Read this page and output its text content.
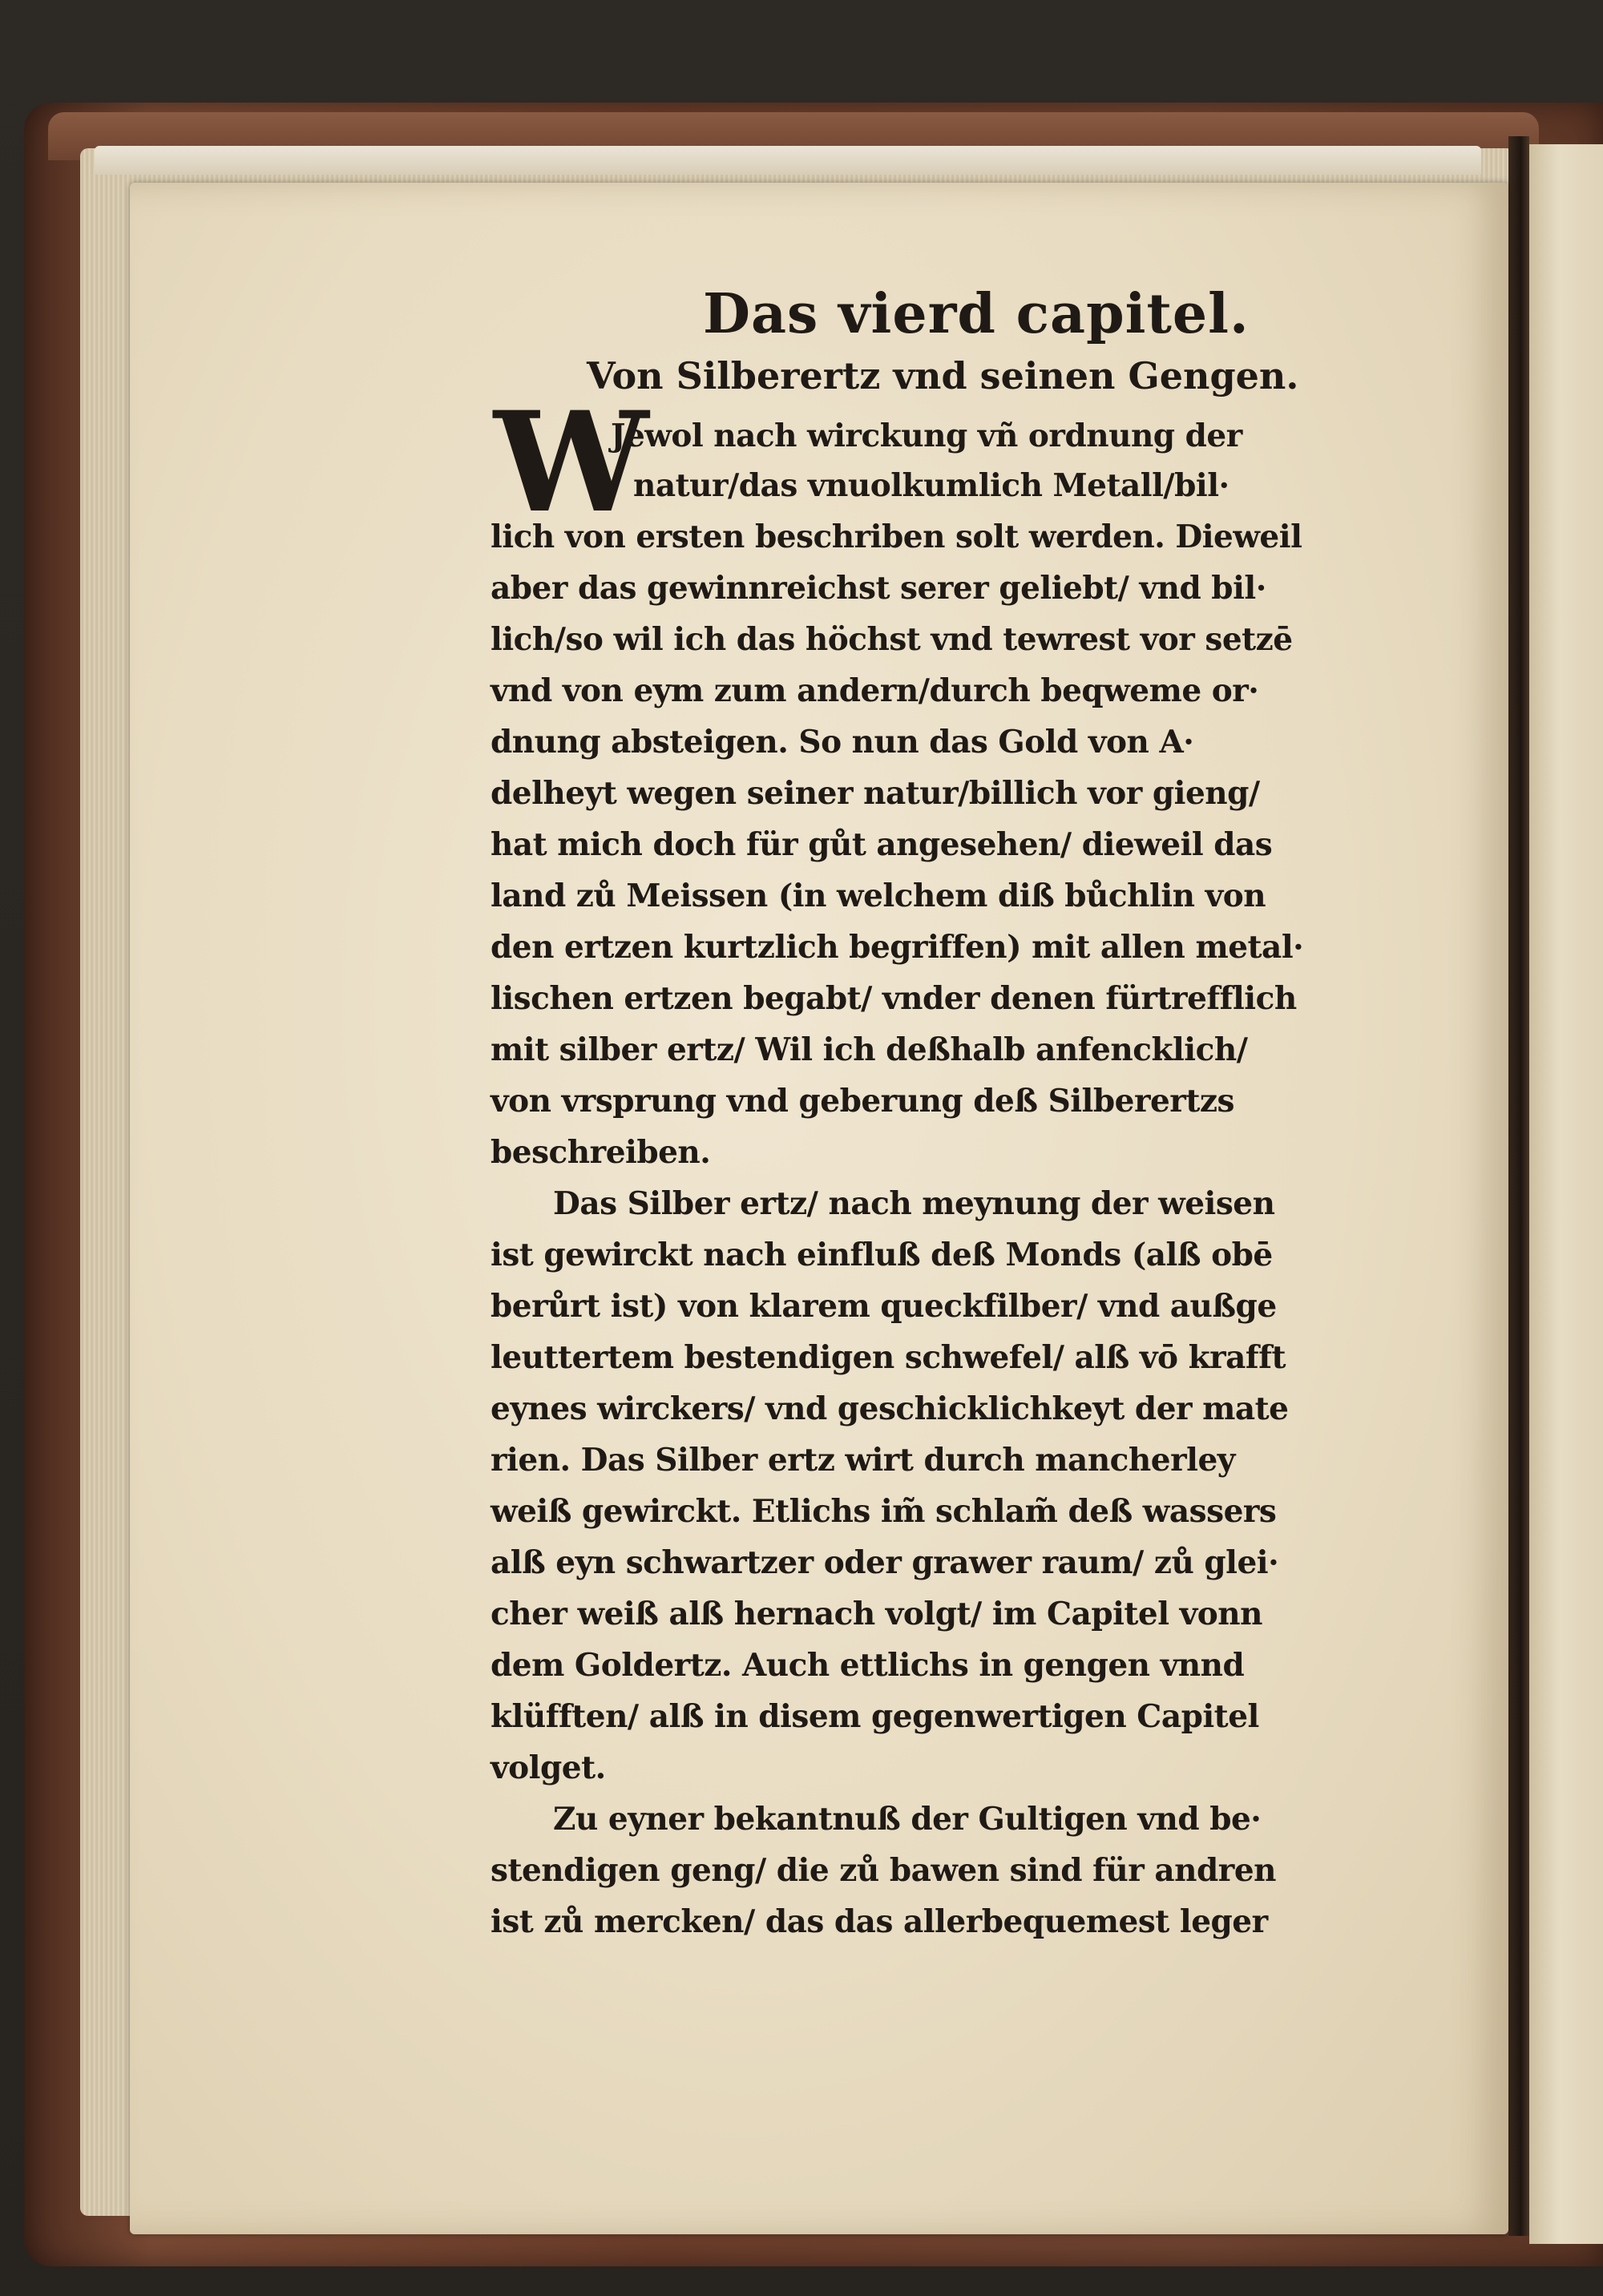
Das vierd capitel.
Von Silberertz vnd seinen Gengen.
W

Jewol nach wirckung vñ ordnung der

natur/das vnuolkumlich Metall/bil·

lich von ersten beschriben solt werden. Dieweil

aber das gewinnreichst serer geliebt/ vnd bil·

lich/so wil ich das höchst vnd tewrest vor setzē

vnd von eym zum andern/durch beqweme or·

dnung absteigen. So nun das Gold von A·

delheyt wegen seiner natur/billich vor gieng/

hat mich doch für gůt angesehen/ dieweil das

land zů Meissen (in welchem diß bůchlin von

den ertzen kurtzlich begriffen) mit allen metal·

lischen ertzen begabt/ vnder denen fürtrefflich

mit silber ertz/ Wil ich deßhalb anfencklich/

von vrsprung vnd geberung deß Silberertzs

beschreiben.

Das Silber ertz/ nach meynung der weisen

ist gewirckt nach einfluß deß Monds (alß obē

berůrt ist) von klarem queckfilber/ vnd außge

leuttertem bestendigen schwefel/ alß vō krafft

eynes wirckers/ vnd geschicklichkeyt der mate

rien. Das Silber ertz wirt durch mancherley

weiß gewirckt. Etlichs im̃ schlam̃ deß wassers

alß eyn schwartzer oder grawer raum/ zů glei·

cher weiß alß hernach volgt/ im Capitel vonn

dem Goldertz. Auch ettlichs in gengen vnnd

klüfften/ alß in disem gegenwertigen Capitel

volget.

Zu eyner bekantnuß der Gultigen vnd be·

stendigen geng/ die zů bawen sind für andren

ist zů mercken/ das das allerbequemest leger
